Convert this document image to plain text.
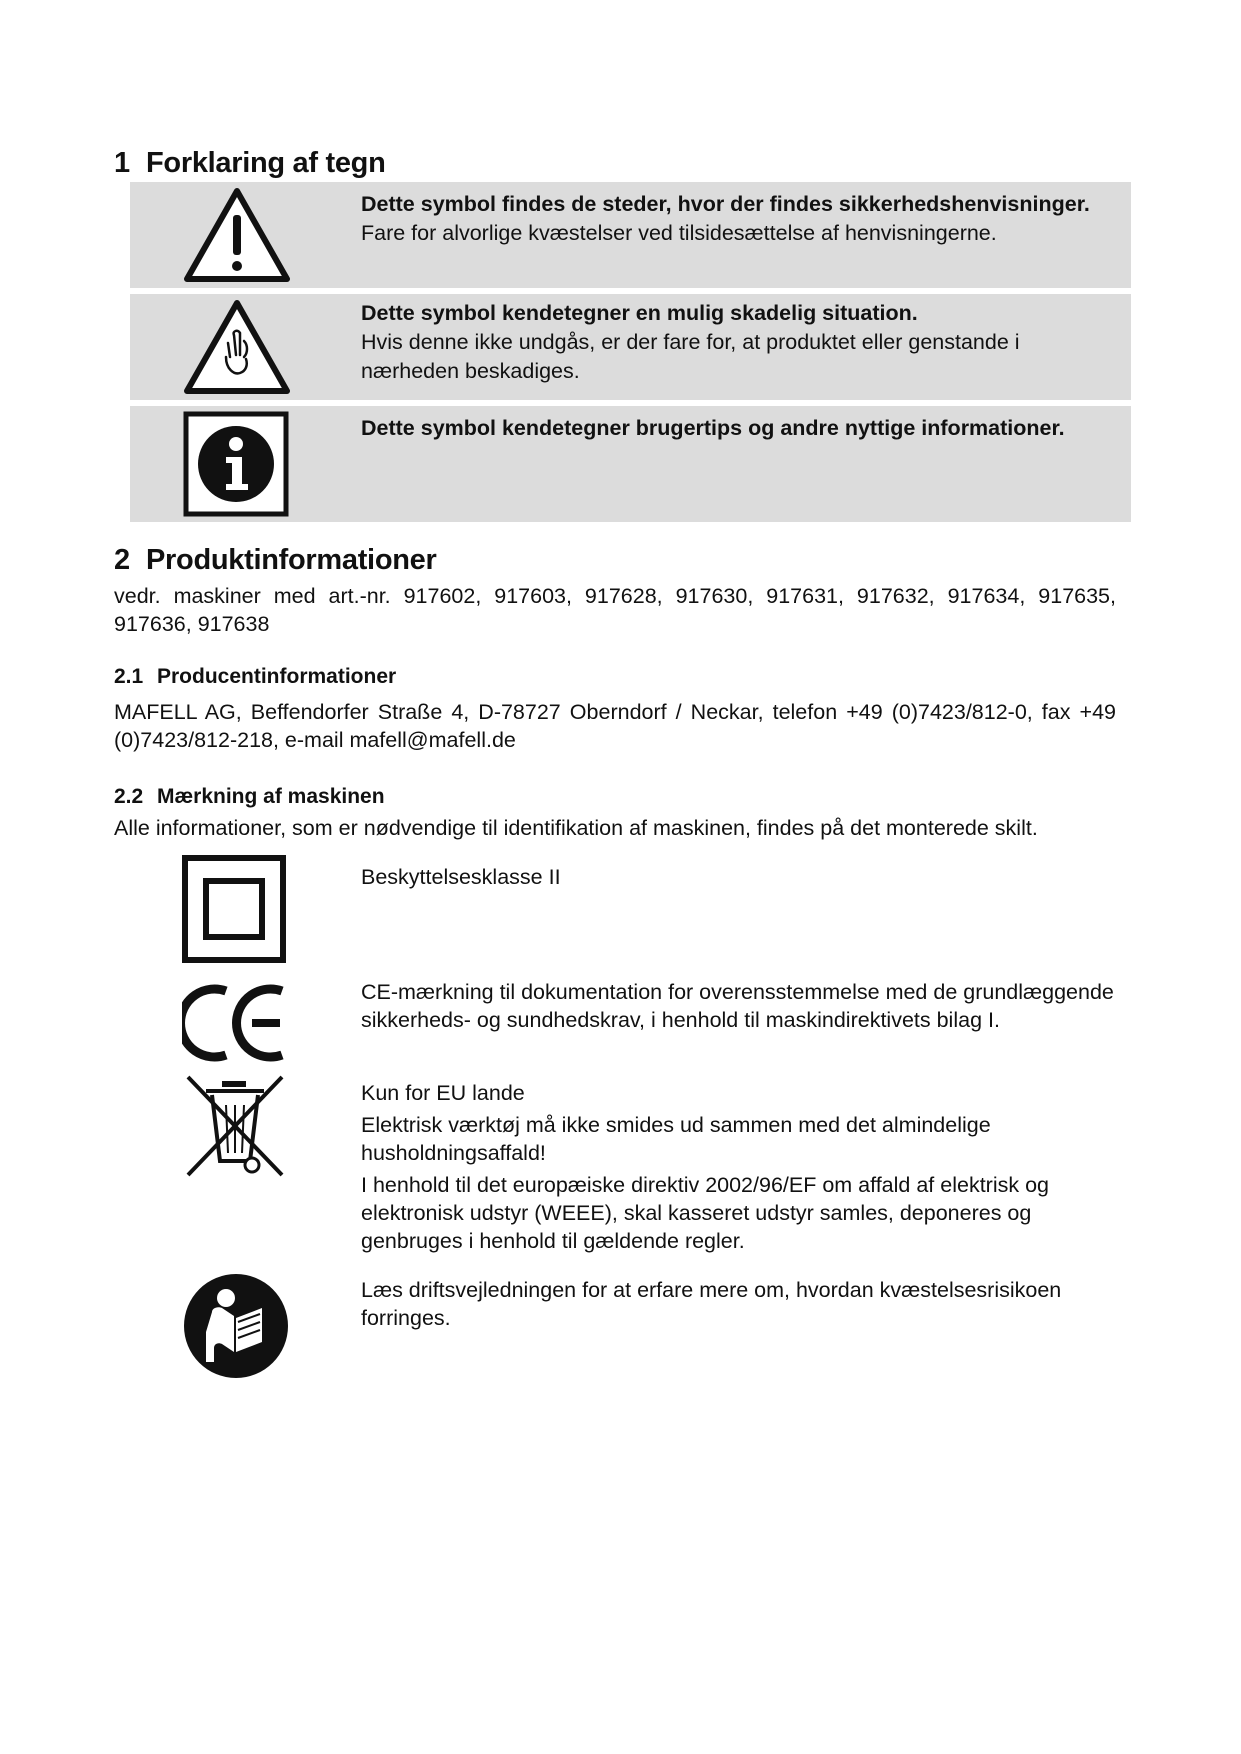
1 Forklaring af tegn
Dette symbol findes de steder, hvor der findes sikkerhedshenvisninger.
Fare for alvorlige kvæstelser ved tilsidesættelse af henvisningerne.
Dette symbol kendetegner en mulig skadelig situation.
Hvis denne ikke undgås, er der fare for, at produktet eller genstande i nærheden beskadiges.
Dette symbol kendetegner brugertips og andre nyttige informationer.
2 Produktinformationer

vedr. maskiner med art.-nr. 917602, 917603, 917628, 917630, 917631, 917632, 917634, 917635, 917636, 917638

2.1 Producentinformationer

MAFELL AG, Beffendorfer Straße 4, D-78727 Oberndorf / Neckar, telefon +49 (0)7423/812-0, fax +49 (0)7423/812-218, e-mail mafell@mafell.de

2.2 Mærkning af maskinen

Alle informationer, som er nødvendige til identifikation af maskinen, findes på det monterede skilt.

Beskyttelsesklasse II

CE-mærkning til dokumentation for overensstemmelse med de grundlæggende sikkerheds- og sundhedskrav, i henhold til maskindirektivets bilag I.

Kun for EU lande

Elektrisk værktøj må ikke smides ud sammen med det almindelige husholdningsaffald!

I henhold til det europæiske direktiv 2002/96/EF om affald af elektrisk og elektronisk udstyr (WEEE), skal kasseret udstyr samles, deponeres og genbruges i henhold til gældende regler.

Læs driftsvejledningen for at erfare mere om, hvordan kvæstelsesrisikoen forringes.
